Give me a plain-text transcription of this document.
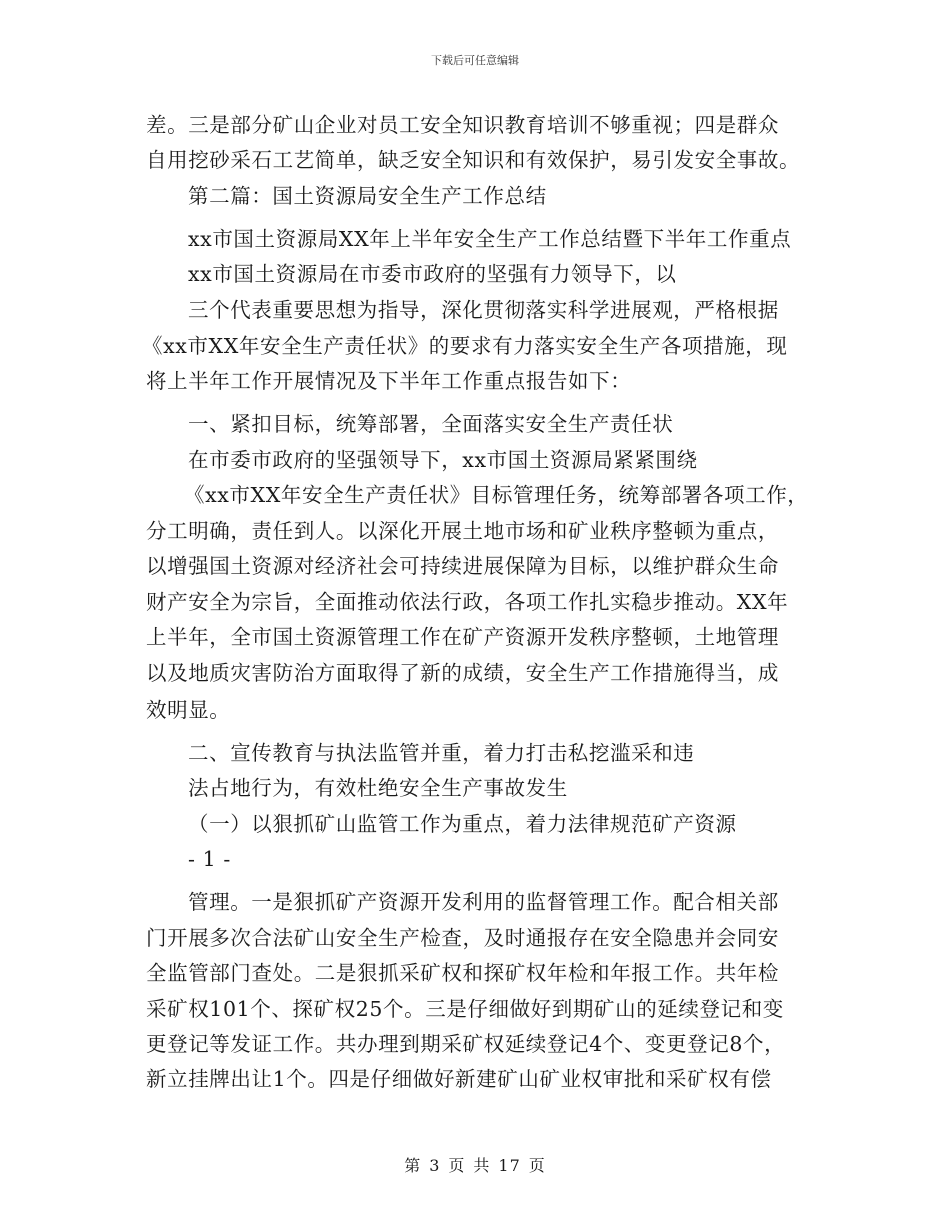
下载后可任意编辑
差。三是部分矿山企业对员工安全知识教育培训不够重视；四是群众
自用挖砂采石工艺简单，缺乏安全知识和有效保护，易引发安全事故。
第二篇：国土资源局安全生产工作总结
xx市国土资源局XX年上半年安全生产工作总结暨下半年工作重点
xx市国土资源局在市委市政府的坚强有力领导下，以
三个代表重要思想为指导，深化贯彻落实科学进展观，严格根据
《xx市XX年安全生产责任状》的要求有力落实安全生产各项措施，现
将上半年工作开展情况及下半年工作重点报告如下：
一、紧扣目标，统筹部署，全面落实安全生产责任状
在市委市政府的坚强领导下，xx市国土资源局紧紧围绕
《xx市XX年安全生产责任状》目标管理任务，统筹部署各项工作，
分工明确，责任到人。以深化开展土地市场和矿业秩序整顿为重点，
以增强国土资源对经济社会可持续进展保障为目标，以维护群众生命
财产安全为宗旨，全面推动依法行政，各项工作扎实稳步推动。XX年
上半年，全市国土资源管理工作在矿产资源开发秩序整顿，土地管理
以及地质灾害防治方面取得了新的成绩，安全生产工作措施得当，成
效明显。
二、宣传教育与执法监管并重，着力打击私挖滥采和违
法占地行为，有效杜绝安全生产事故发生
（一）以狠抓矿山监管工作为重点，着力法律规范矿产资源
- 1 -
管理。一是狠抓矿产资源开发利用的监督管理工作。配合相关部
门开展多次合法矿山安全生产检查，及时通报存在安全隐患并会同安
全监管部门查处。二是狠抓采矿权和探矿权年检和年报工作。共年检
采矿权101个、探矿权25个。三是仔细做好到期矿山的延续登记和变
更登记等发证工作。共办理到期采矿权延续登记4个、变更登记8个，
新立挂牌出让1个。四是仔细做好新建矿山矿业权审批和采矿权有偿
第 3 页 共 17 页
